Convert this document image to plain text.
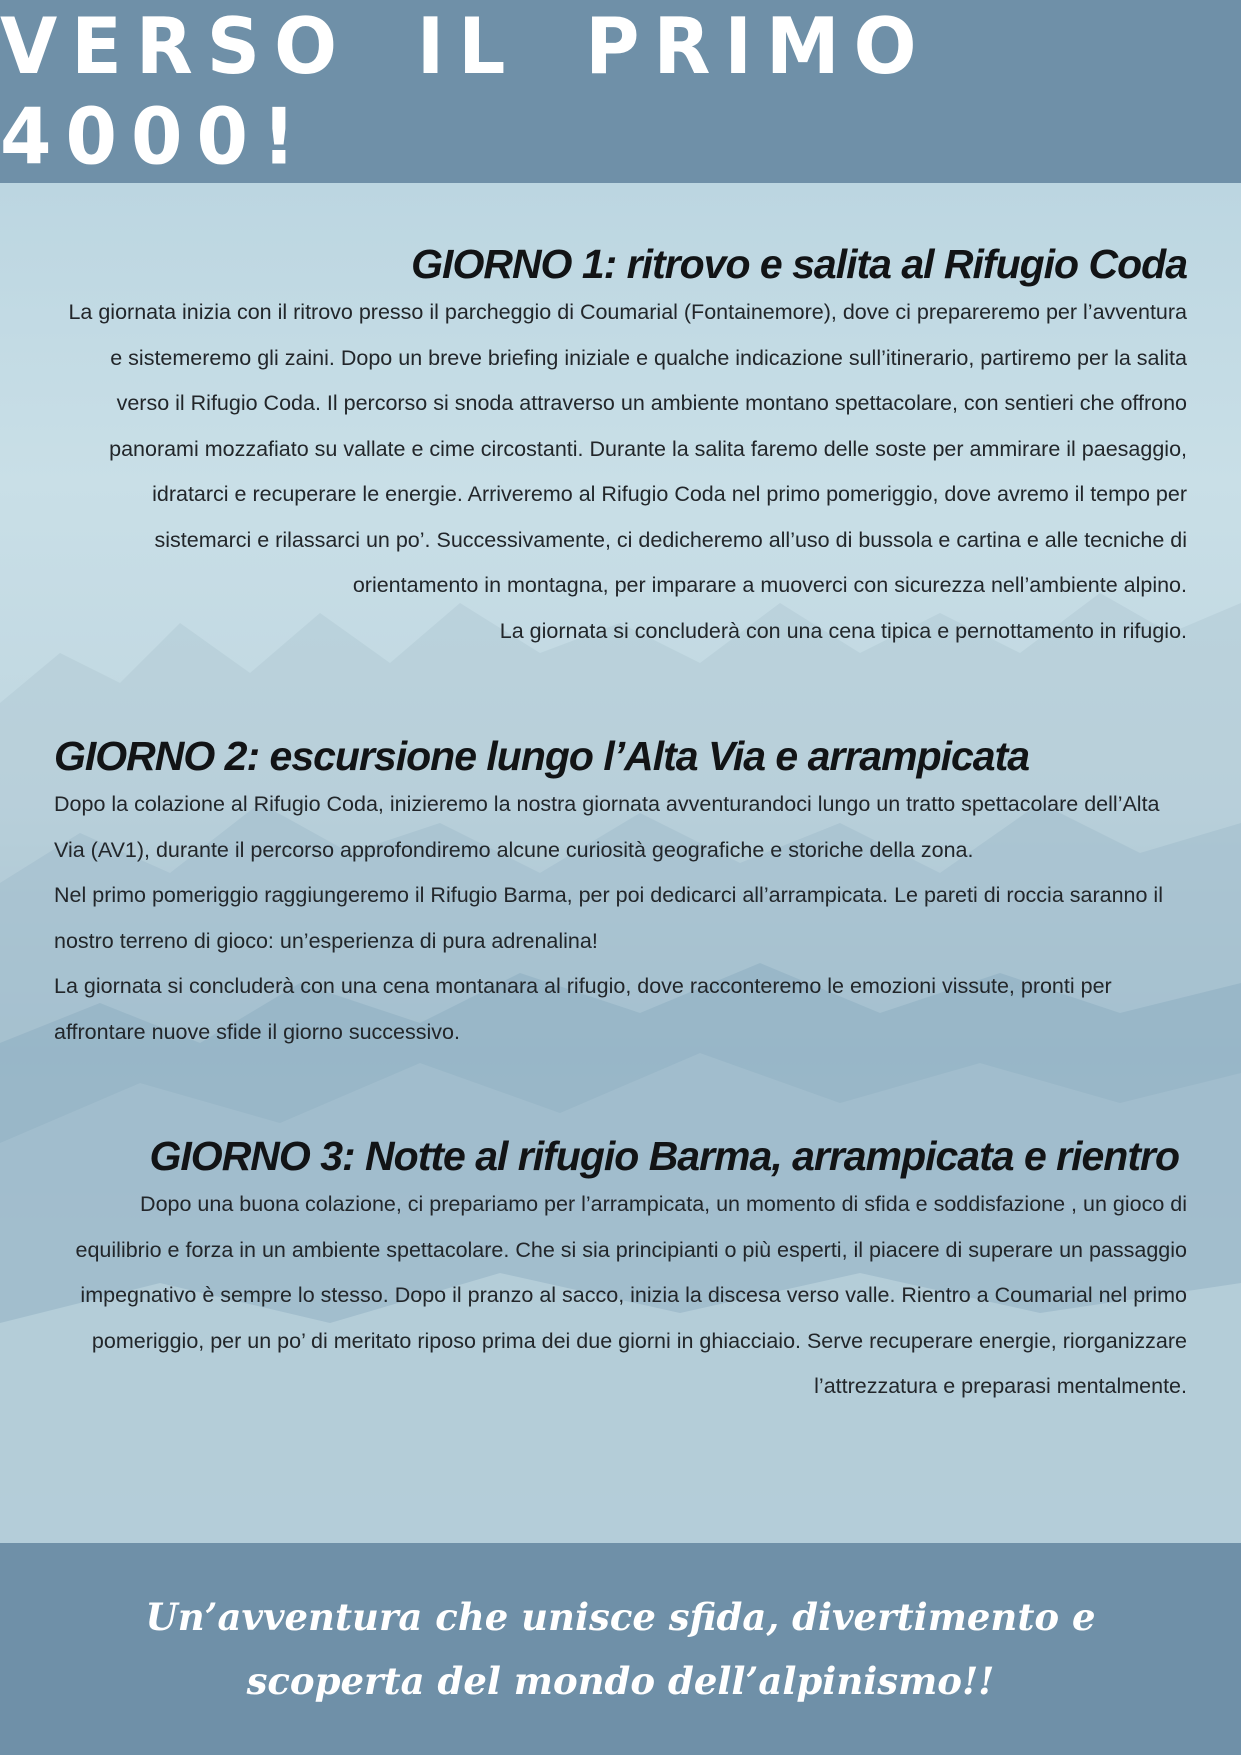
VERSO IL PRIMO 4000!
GIORNO 1: ritrovo e salita al Rifugio Coda

La giornata inizia con il ritrovo presso il parcheggio di Coumarial (Fontainemore), dove ci prepareremo per l’avventura e sistemeremo gli zaini. Dopo un breve briefing iniziale e qualche indicazione sull’itinerario, partiremo per la salita verso il Rifugio Coda. Il percorso si snoda attraverso un ambiente montano spettacolare, con sentieri che offrono panorami mozzafiato su vallate e cime circostanti. Durante la salita faremo delle soste per ammirare il paesaggio, idratarci e recuperare le energie. Arriveremo al Rifugio Coda nel primo pomeriggio, dove avremo il tempo per sistemarci e rilassarci un po’. Successivamente, ci dedicheremo all’uso di bussola e cartina e alle tecniche di orientamento in montagna, per imparare a muoverci con sicurezza nell’ambiente alpino.

La giornata si concluderà con una cena tipica e pernottamento in rifugio.

GIORNO 2: escursione lungo l’Alta Via e arrampicata

Dopo la colazione al Rifugio Coda, inizieremo la nostra giornata avventurandoci lungo un tratto spettacolare dell’Alta Via (AV1), durante il percorso approfondiremo alcune curiosità geografiche e storiche della zona.

Nel primo pomeriggio raggiungeremo il Rifugio Barma, per poi dedicarci all’arrampicata. Le pareti di roccia saranno il nostro terreno di gioco: un’esperienza di pura adrenalina!

La giornata si concluderà con una cena montanara al rifugio, dove racconteremo le emozioni vissute, pronti per affrontare nuove sfide il giorno successivo.

GIORNO 3: Notte al rifugio Barma, arrampicata e rientro

Dopo una buona colazione, ci prepariamo per l’arrampicata, un momento di sfida e soddisfazione , un gioco di equilibrio e forza in un ambiente spettacolare. Che si sia principianti o più esperti, il piacere di superare un passaggio impegnativo è sempre lo stesso. Dopo il pranzo al sacco, inizia la discesa verso valle. Rientro a Coumarial nel primo pomeriggio, per un po’ di meritato riposo prima dei due giorni in ghiacciaio. Serve recuperare energie, riorganizzare l’attrezzatura e preparasi mentalmente.

Un’avventura che unisce sfida, divertimento e
scoperta del mondo dell’alpinismo!!
